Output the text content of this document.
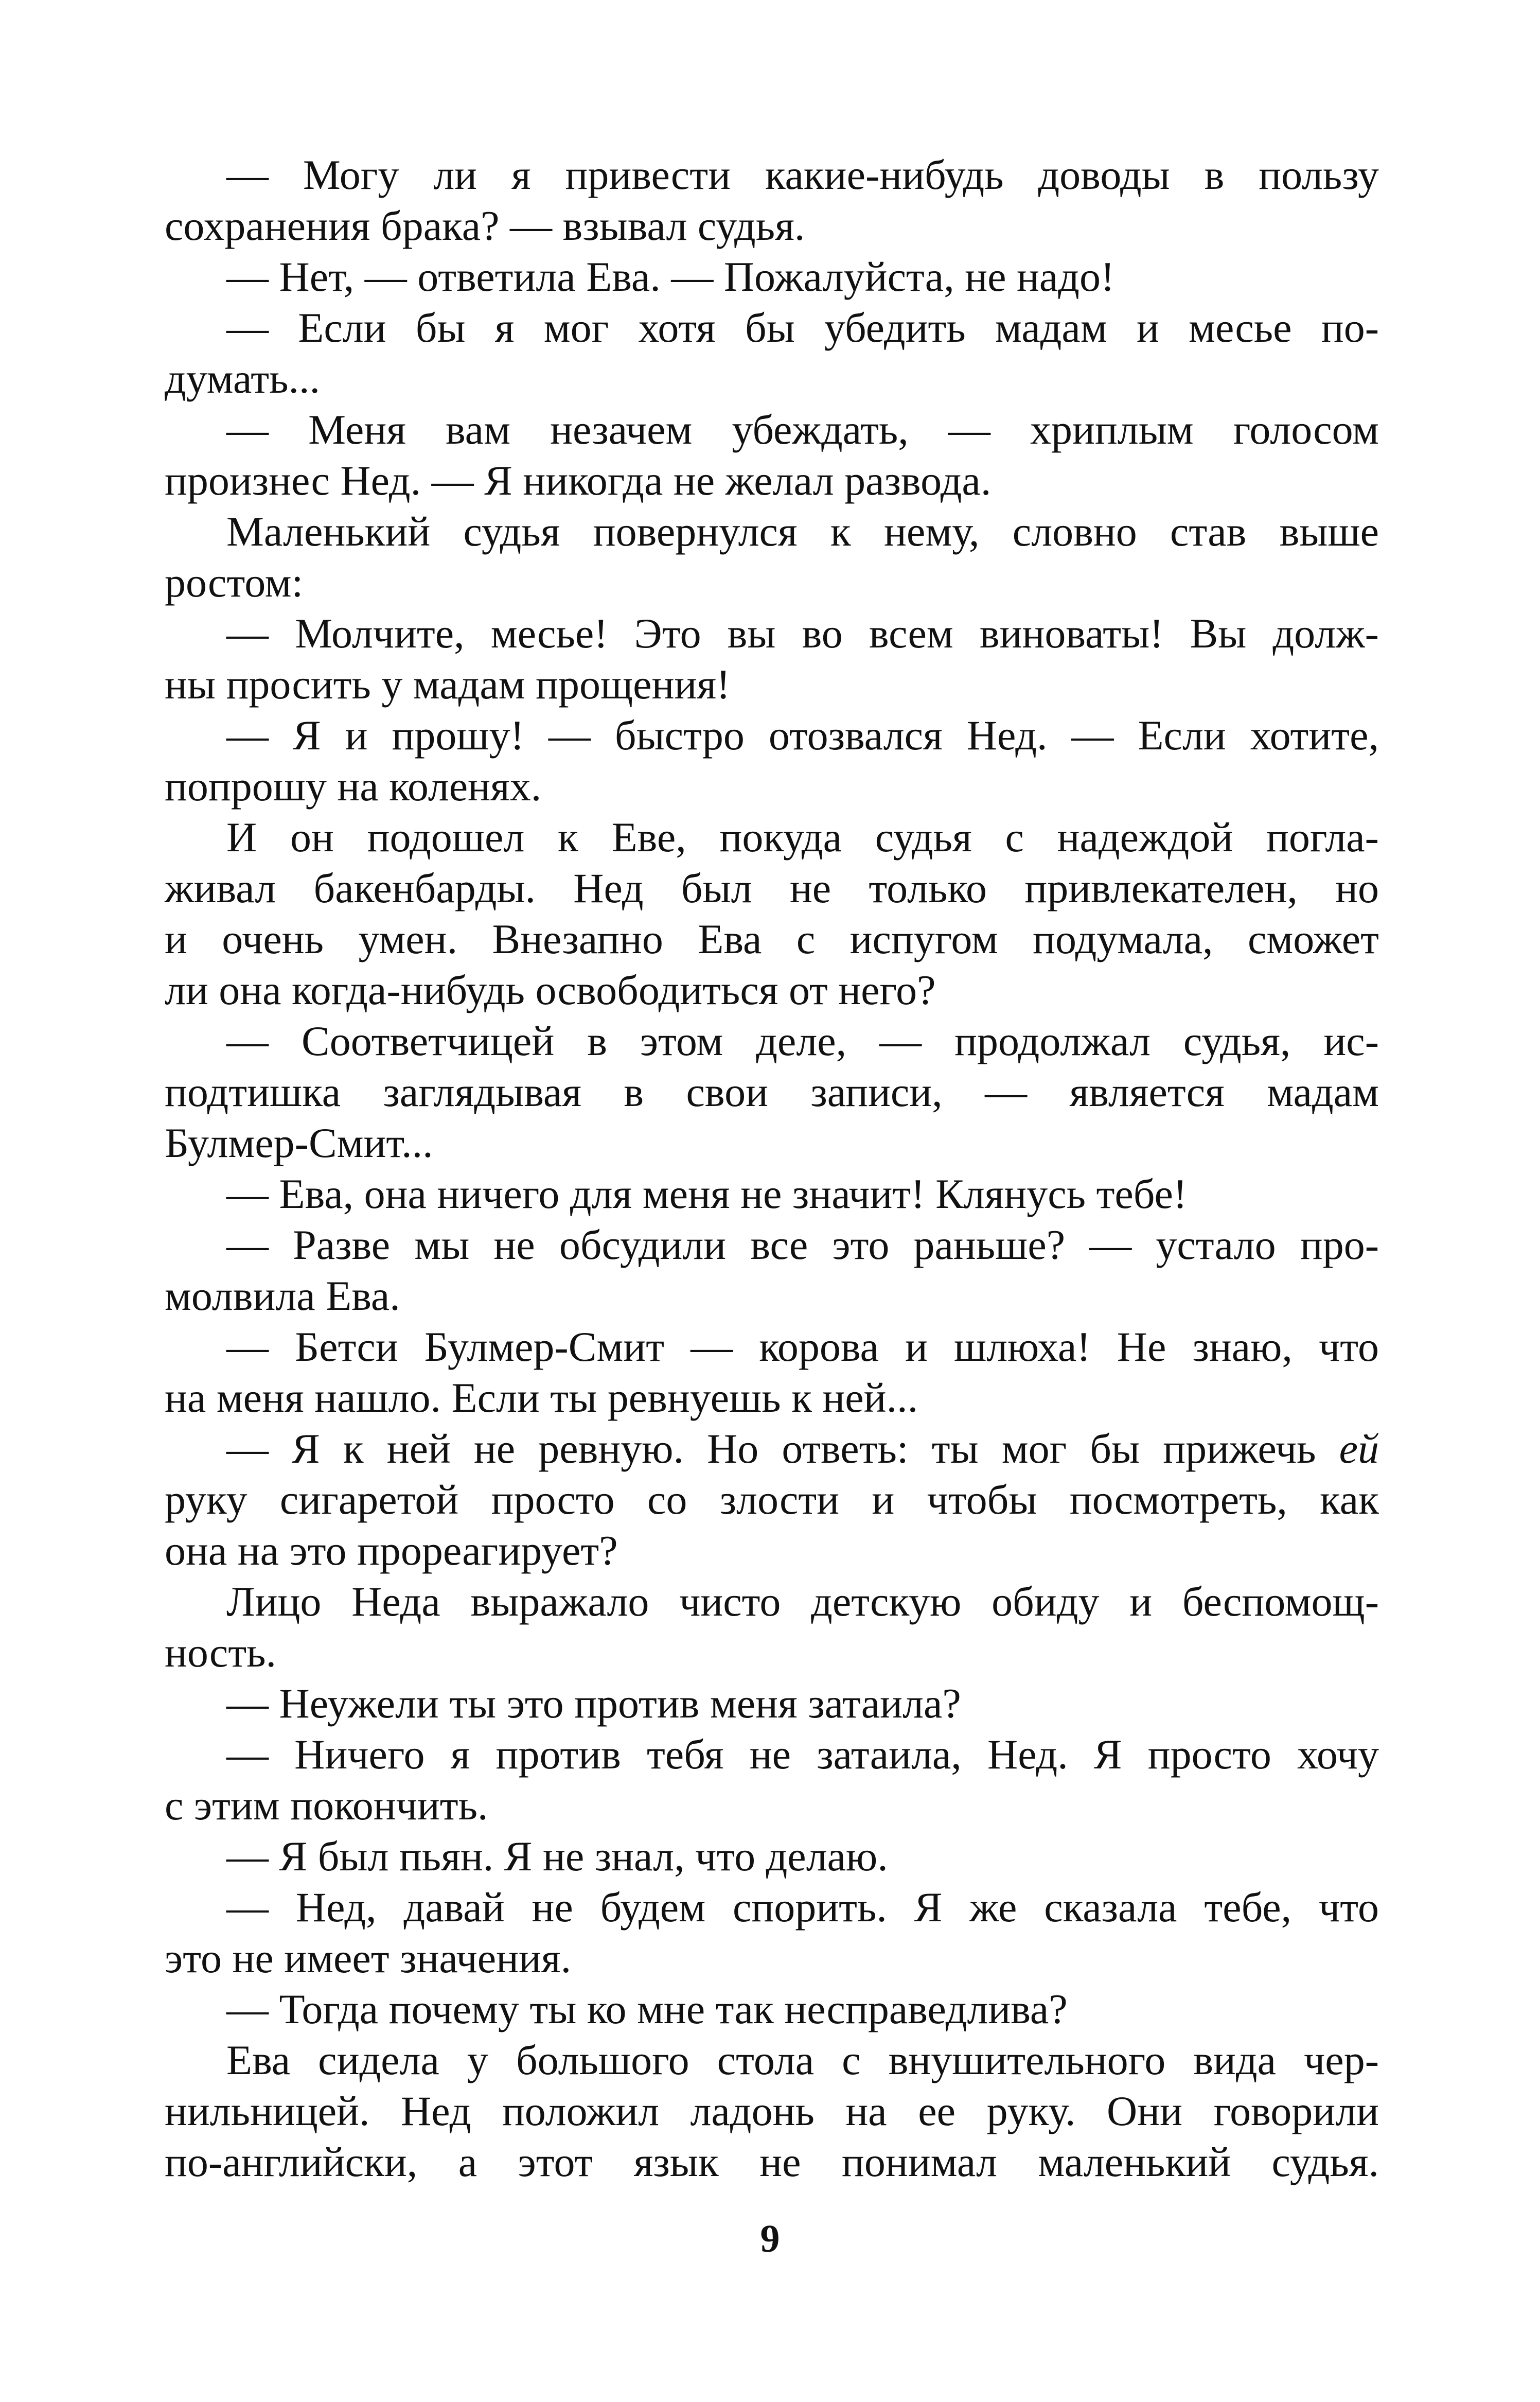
— Могу ли я привести какие-нибудь доводы в пользу
сохранения брака? — взывал судья.
— Нет, — ответила Ева. — Пожалуйста, не надо!
— Если бы я мог хотя бы убедить мадам и месье по-
думать...
— Меня вам незачем убеждать, — хриплым голосом
произнес Нед. — Я никогда не желал развода.
Маленький судья повернулся к нему, словно став выше
ростом:
— Молчите, месье! Это вы во всем виноваты! Вы долж-
ны просить у мадам прощения!
— Я и прошу! — быстро отозвался Нед. — Если хотите,
попрошу на коленях.
И он подошел к Еве, покуда судья с надеждой погла-
живал бакенбарды. Нед был не только привлекателен, но
и очень умен. Внезапно Ева с испугом подумала, сможет
ли она когда-нибудь освободиться от него?
— Соответчицей в этом деле, — продолжал судья, ис-
подтишка заглядывая в свои записи, — является мадам
Булмер-Смит...
— Ева, она ничего для меня не значит! Клянусь тебе!
— Разве мы не обсудили все это раньше? — устало про-
молвила Ева.
— Бетси Булмер-Смит — корова и шлюха! Не знаю, что
на меня нашло. Если ты ревнуешь к ней...
— Я к ней не ревную. Но ответь: ты мог бы прижечь ей
руку сигаретой просто со злости и чтобы посмотреть, как
она на это прореагирует?
Лицо Неда выражало чисто детскую обиду и беспомощ-
ность.
— Неужели ты это против меня затаила?
— Ничего я против тебя не затаила, Нед. Я просто хочу
с этим покончить.
— Я был пьян. Я не знал, что делаю.
— Нед, давай не будем спорить. Я же сказала тебе, что
это не имеет значения.
— Тогда почему ты ко мне так несправедлива?
Ева сидела у большого стола с внушительного вида чер-
нильницей. Нед положил ладонь на ее руку. Они говорили
по-английски, а этот язык не понимал маленький судья.
9
